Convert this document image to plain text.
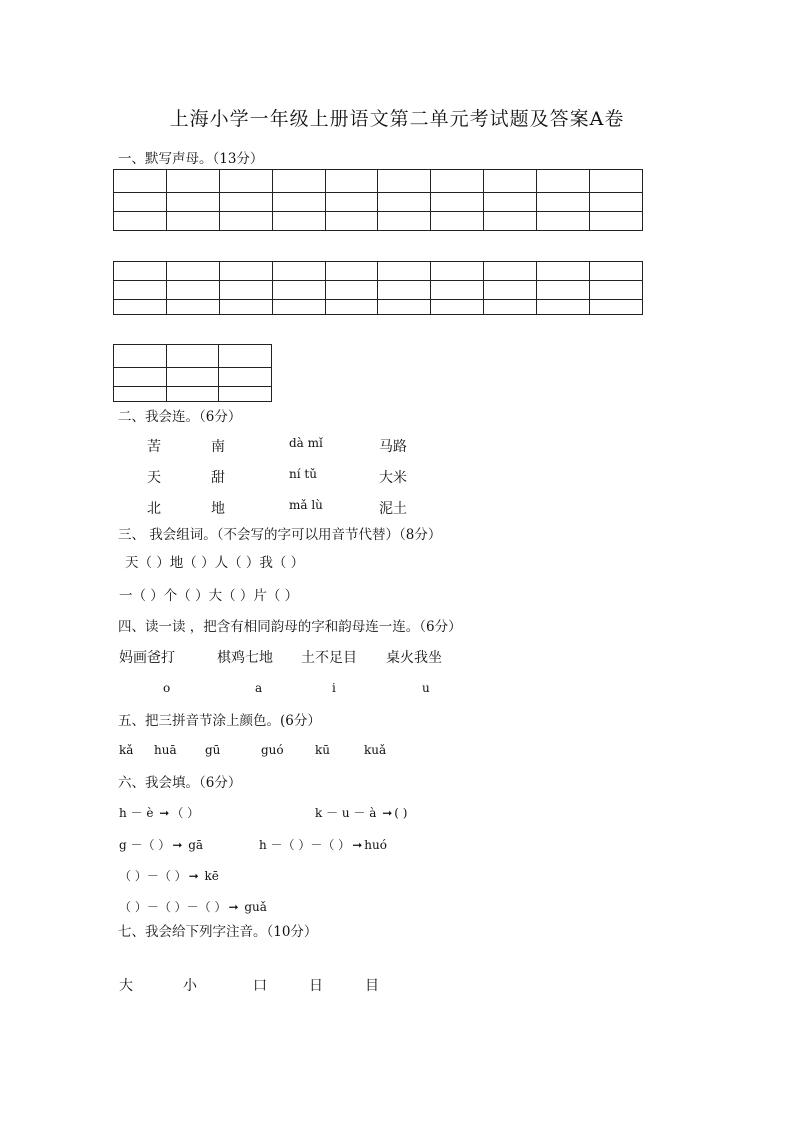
上海小学一年级上册语文第二单元考试题及答案A卷
一、默写声母。（13分）

二、我会连。（6分）
苦	南	dà mǐ	马路
天	甜	ní tǔ	大米
北	地	mǎ lù	泥土
三、 我会组词。（不会写的字可以用音节代替）（8分）
天（ ）地（ ）人（ ）我（ ）
一（ ）个（ ）大（ ）片（ ）
四、读一读 ，把含有相同韵母的字和韵母连一连。（6分）
妈画爸打	棋鸡七地 土不足目 桌火我坐
o	a	i	u
五、把三拼音节涂上颜色。(6分）
kǎ huā gū	guó	kū	kuǎ
六、我会填。（6分）
h － è ➞ （ ）	k － u － à ➞ ( )
g －（ ） ➞ gā	h －（ ）－（ ） ➞ huó
（ ）－（ ） ➞ kē
（ ）－（ ）－（ ） ➞ guǎ
七、我会给下列字注音。（10分）
大	小	口	日	目
